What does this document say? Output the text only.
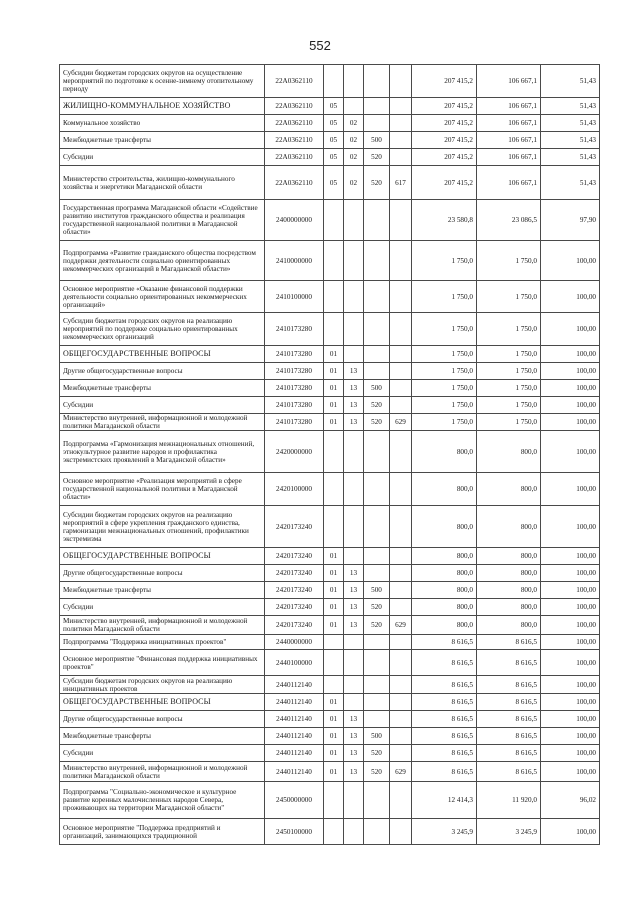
552
Субсидии бюджетам городских округов на осуществление мероприятий по подготовке к осенне-зимнему отопительному периоду	22А0362110					207 415,2	106 667,1	51,43
ЖИЛИЩНО-КОММУНАЛЬНОЕ ХОЗЯЙСТВО	22А0362110	05				207 415,2	106 667,1	51,43
Коммунальное хозяйство	22А0362110	05	02			207 415,2	106 667,1	51,43
Межбюджетные трансферты	22А0362110	05	02	500		207 415,2	106 667,1	51,43
Субсидии	22А0362110	05	02	520		207 415,2	106 667,1	51,43
Министерство строительства, жилищно-коммунального хозяйства и энергетики Магаданской области	22А0362110	05	02	520	617	207 415,2	106 667,1	51,43
Государственная программа Магаданской области «Содействие развитию институтов гражданского общества и реализация государственной национальной политики в Магаданской области»	2400000000					23 580,8	23 086,5	97,90
Подпрограмма «Развитие гражданского общества посредством поддержки деятельности социально ориентированных некоммерческих организаций в Магаданской области»	2410000000					1 750,0	1 750,0	100,00
Основное мероприятие «Оказание финансовой поддержки деятельности социально ориентированных некоммерческих организаций»	2410100000					1 750,0	1 750,0	100,00
Субсидии бюджетам городских округов на реализацию мероприятий по поддержке социально ориентированных некоммерческих организаций	2410173280					1 750,0	1 750,0	100,00
ОБЩЕГОСУДАРСТВЕННЫЕ ВОПРОСЫ	2410173280	01				1 750,0	1 750,0	100,00
Другие общегосударственные вопросы	2410173280	01	13			1 750,0	1 750,0	100,00
Межбюджетные трансферты	2410173280	01	13	500		1 750,0	1 750,0	100,00
Субсидии	2410173280	01	13	520		1 750,0	1 750,0	100,00
Министерство внутренней, информационной и молодежной политики Магаданской области	2410173280	01	13	520	629	1 750,0	1 750,0	100,00
Подпрограмма «Гармонизация межнациональных отношений, этнокультурное развитие народов и профилактика экстремистских проявлений в Магаданской области»	2420000000					800,0	800,0	100,00
Основное мероприятие «Реализация мероприятий в сфере государственной национальной политики в Магаданской области»	2420100000					800,0	800,0	100,00
Субсидии бюджетам городских округов на реализацию мероприятий в сфере укрепления гражданского единства, гармонизации межнациональных отношений, профилактики экстремизма	2420173240					800,0	800,0	100,00
ОБЩЕГОСУДАРСТВЕННЫЕ ВОПРОСЫ	2420173240	01				800,0	800,0	100,00
Другие общегосударственные вопросы	2420173240	01	13			800,0	800,0	100,00
Межбюджетные трансферты	2420173240	01	13	500		800,0	800,0	100,00
Субсидии	2420173240	01	13	520		800,0	800,0	100,00
Министерство внутренней, информационной и молодежной политики Магаданской области	2420173240	01	13	520	629	800,0	800,0	100,00
Подпрограмма "Поддержка инициативных проектов"	2440000000					8 616,5	8 616,5	100,00
Основное мероприятие "Финансовая поддержка инициативных проектов"	2440100000					8 616,5	8 616,5	100,00
Субсидии бюджетам городских округов на реализацию инициативных проектов	2440112140					8 616,5	8 616,5	100,00
ОБЩЕГОСУДАРСТВЕННЫЕ ВОПРОСЫ	2440112140	01				8 616,5	8 616,5	100,00
Другие общегосударственные вопросы	2440112140	01	13			8 616,5	8 616,5	100,00
Межбюджетные трансферты	2440112140	01	13	500		8 616,5	8 616,5	100,00
Субсидии	2440112140	01	13	520		8 616,5	8 616,5	100,00
Министерство внутренней, информационной и молодежной политики Магаданской области	2440112140	01	13	520	629	8 616,5	8 616,5	100,00
Подпрограмма "Социально-экономическое и культурное развитие коренных малочисленных народов Севера, проживающих на территории Магаданской области"	2450000000					12 414,3	11 920,0	96,02
Основное мероприятие "Поддержка предприятий и организаций, занимающихся традиционной	2450100000					3 245,9	3 245,9	100,00
